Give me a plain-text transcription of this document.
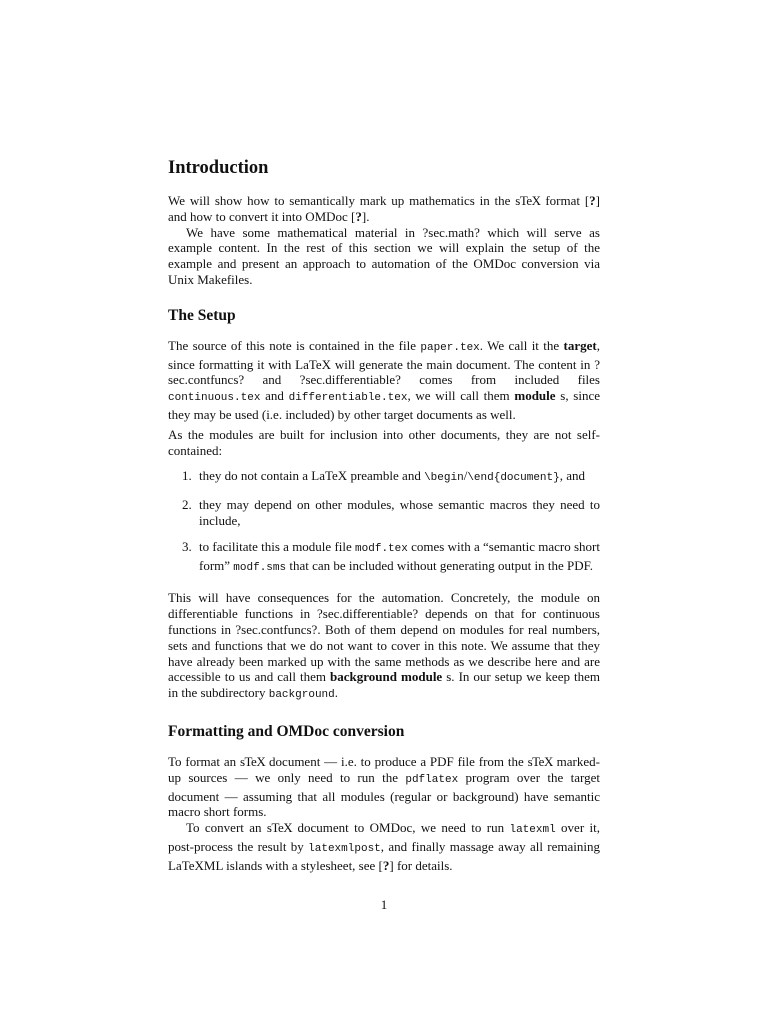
Introduction

We will show how to semantically mark up mathematics in the sTeX format [?] and how to convert it into OMDoc [?].

We have some mathematical material in ?sec.math? which will serve as example content. In the rest of this section we will explain the setup of the example and present an approach to automation of the OMDoc conversion via Unix Makefiles.

The Setup

The source of this note is contained in the file paper.tex. We call it the target, since formatting it with LaTeX will generate the main document. The content in ?sec.contfuncs? and ?sec.differentiable? comes from included files continuous.tex and differentiable.tex, we will call them module s, since they may be used (i.e. included) by other target documents as well.

As the modules are built for inclusion into other documents, they are not self-contained:

1. they do not contain a LaTeX preamble and \begin/\end{document}, and
2. they may depend on other modules, whose semantic macros they need to include,
3. to facilitate this a module file modf.tex comes with a “semantic macro short form” modf.sms that can be included without generating output in the PDF.

This will have consequences for the automation. Concretely, the module on differentiable functions in ?sec.differentiable? depends on that for continuous functions in ?sec.contfuncs?. Both of them depend on modules for real numbers, sets and functions that we do not want to cover in this note. We assume that they have already been marked up with the same methods as we describe here and are accessible to us and call them background module s. In our setup we keep them in the subdirectory background.

Formatting and OMDoc conversion

To format an sTeX document — i.e. to produce a PDF file from the sTeX marked-up sources — we only need to run the pdflatex program over the target document — assuming that all modules (regular or background) have semantic macro short forms.

To convert an sTeX document to OMDoc, we need to run latexml over it, post-process the result by latexmlpost, and finally massage away all remaining LaTeXML islands with a stylesheet, see [?] for details.

1
